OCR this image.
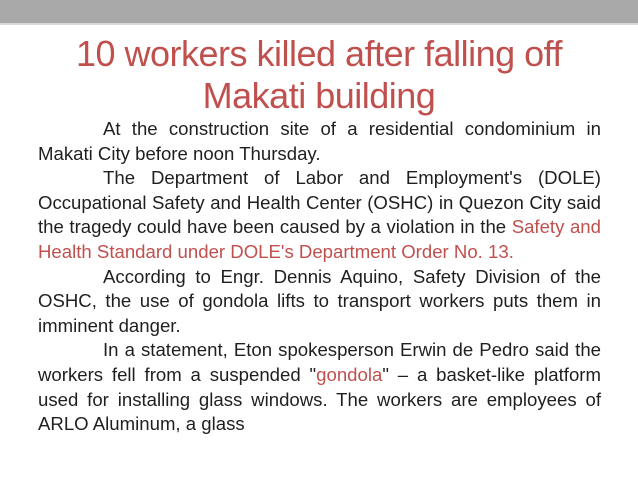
10 workers killed after falling off
Makati building

At the construction site of a residential condominium in Makati City before noon Thursday.

The Department of Labor and Employment's (DOLE) Occupational Safety and Health Center (OSHC) in Quezon City said the tragedy could have been caused by a violation in the Safety and Health Standard under DOLE's Department Order No. 13.

According to Engr. Dennis Aquino, Safety Division of the OSHC, the use of gondola lifts to transport workers puts them in imminent danger.

In a statement, Eton spokesperson Erwin de Pedro said the workers fell from a suspended "gondola" – a basket-like platform used for installing glass windows. The workers are employees of ARLO Aluminum, a glass
